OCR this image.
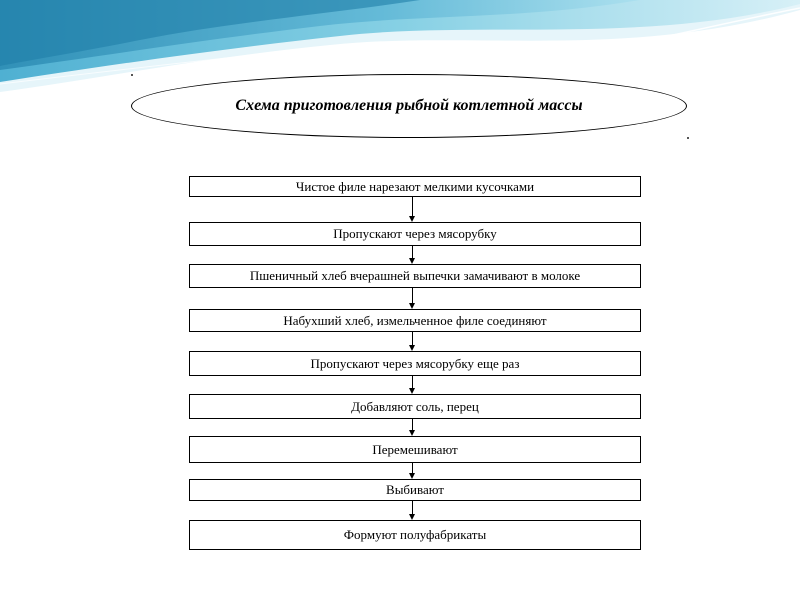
Схема приготовления рыбной котлетной массы
Чистое филе нарезают мелкими кусочками
Пропускают через мясорубку
Пшеничный хлеб вчерашней выпечки замачивают в молоке
Набухший хлеб, измельченное филе соединяют
Пропускают через мясорубку еще раз
Добавляют соль, перец
Перемешивают
Выбивают
Формуют полуфабрикаты
